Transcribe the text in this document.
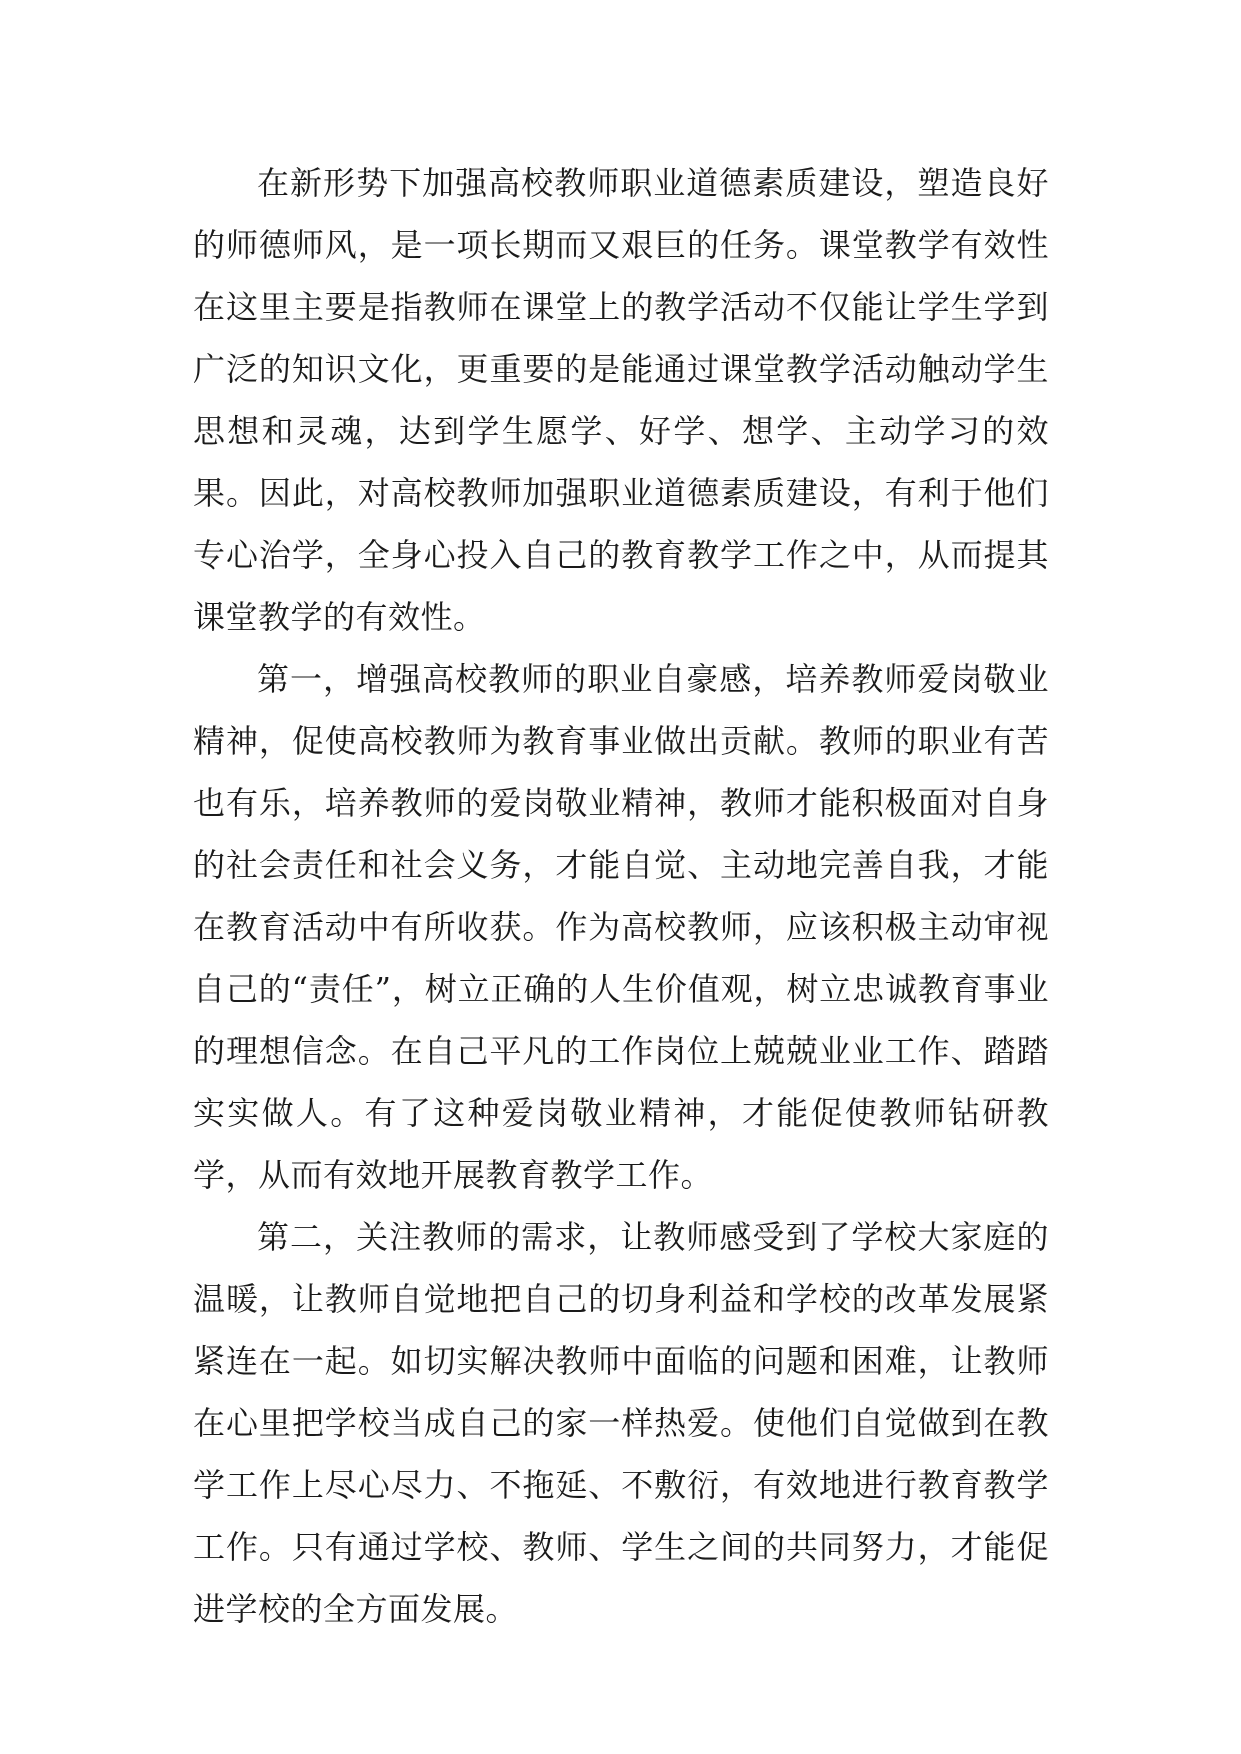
在新形势下加强高校教师职业道德素质建设，塑造良好的师德师风，是一项长期而又艰巨的任务。课堂教学有效性在这里主要是指教师在课堂上的教学活动不仅能让学生学到广泛的知识文化，更重要的是能通过课堂教学活动触动学生思想和灵魂，达到学生愿学、好学、想学、主动学习的效果。因此，对高校教师加强职业道德素质建设，有利于他们专心治学，全身心投入自己的教育教学工作之中，从而提其课堂教学的有效性。

第一，增强高校教师的职业自豪感，培养教师爱岗敬业精神，促使高校教师为教育事业做出贡献。教师的职业有苦也有乐，培养教师的爱岗敬业精神，教师才能积极面对自身的社会责任和社会义务，才能自觉、主动地完善自我，才能在教育活动中有所收获。作为高校教师，应该积极主动审视自己的“责任”，树立正确的人生价值观，树立忠诚教育事业的理想信念。在自己平凡的工作岗位上兢兢业业工作、踏踏实实做人。有了这种爱岗敬业精神，才能促使教师钻研教学，从而有效地开展教育教学工作。

第二，关注教师的需求，让教师感受到了学校大家庭的温暖，让教师自觉地把自己的切身利益和学校的改革发展紧紧连在一起。如切实解决教师中面临的问题和困难，让教师在心里把学校当成自己的家一样热爱。使他们自觉做到在教学工作上尽心尽力、不拖延、不敷衍，有效地进行教育教学工作。只有通过学校、教师、学生之间的共同努力，才能促进学校的全方面发展。
